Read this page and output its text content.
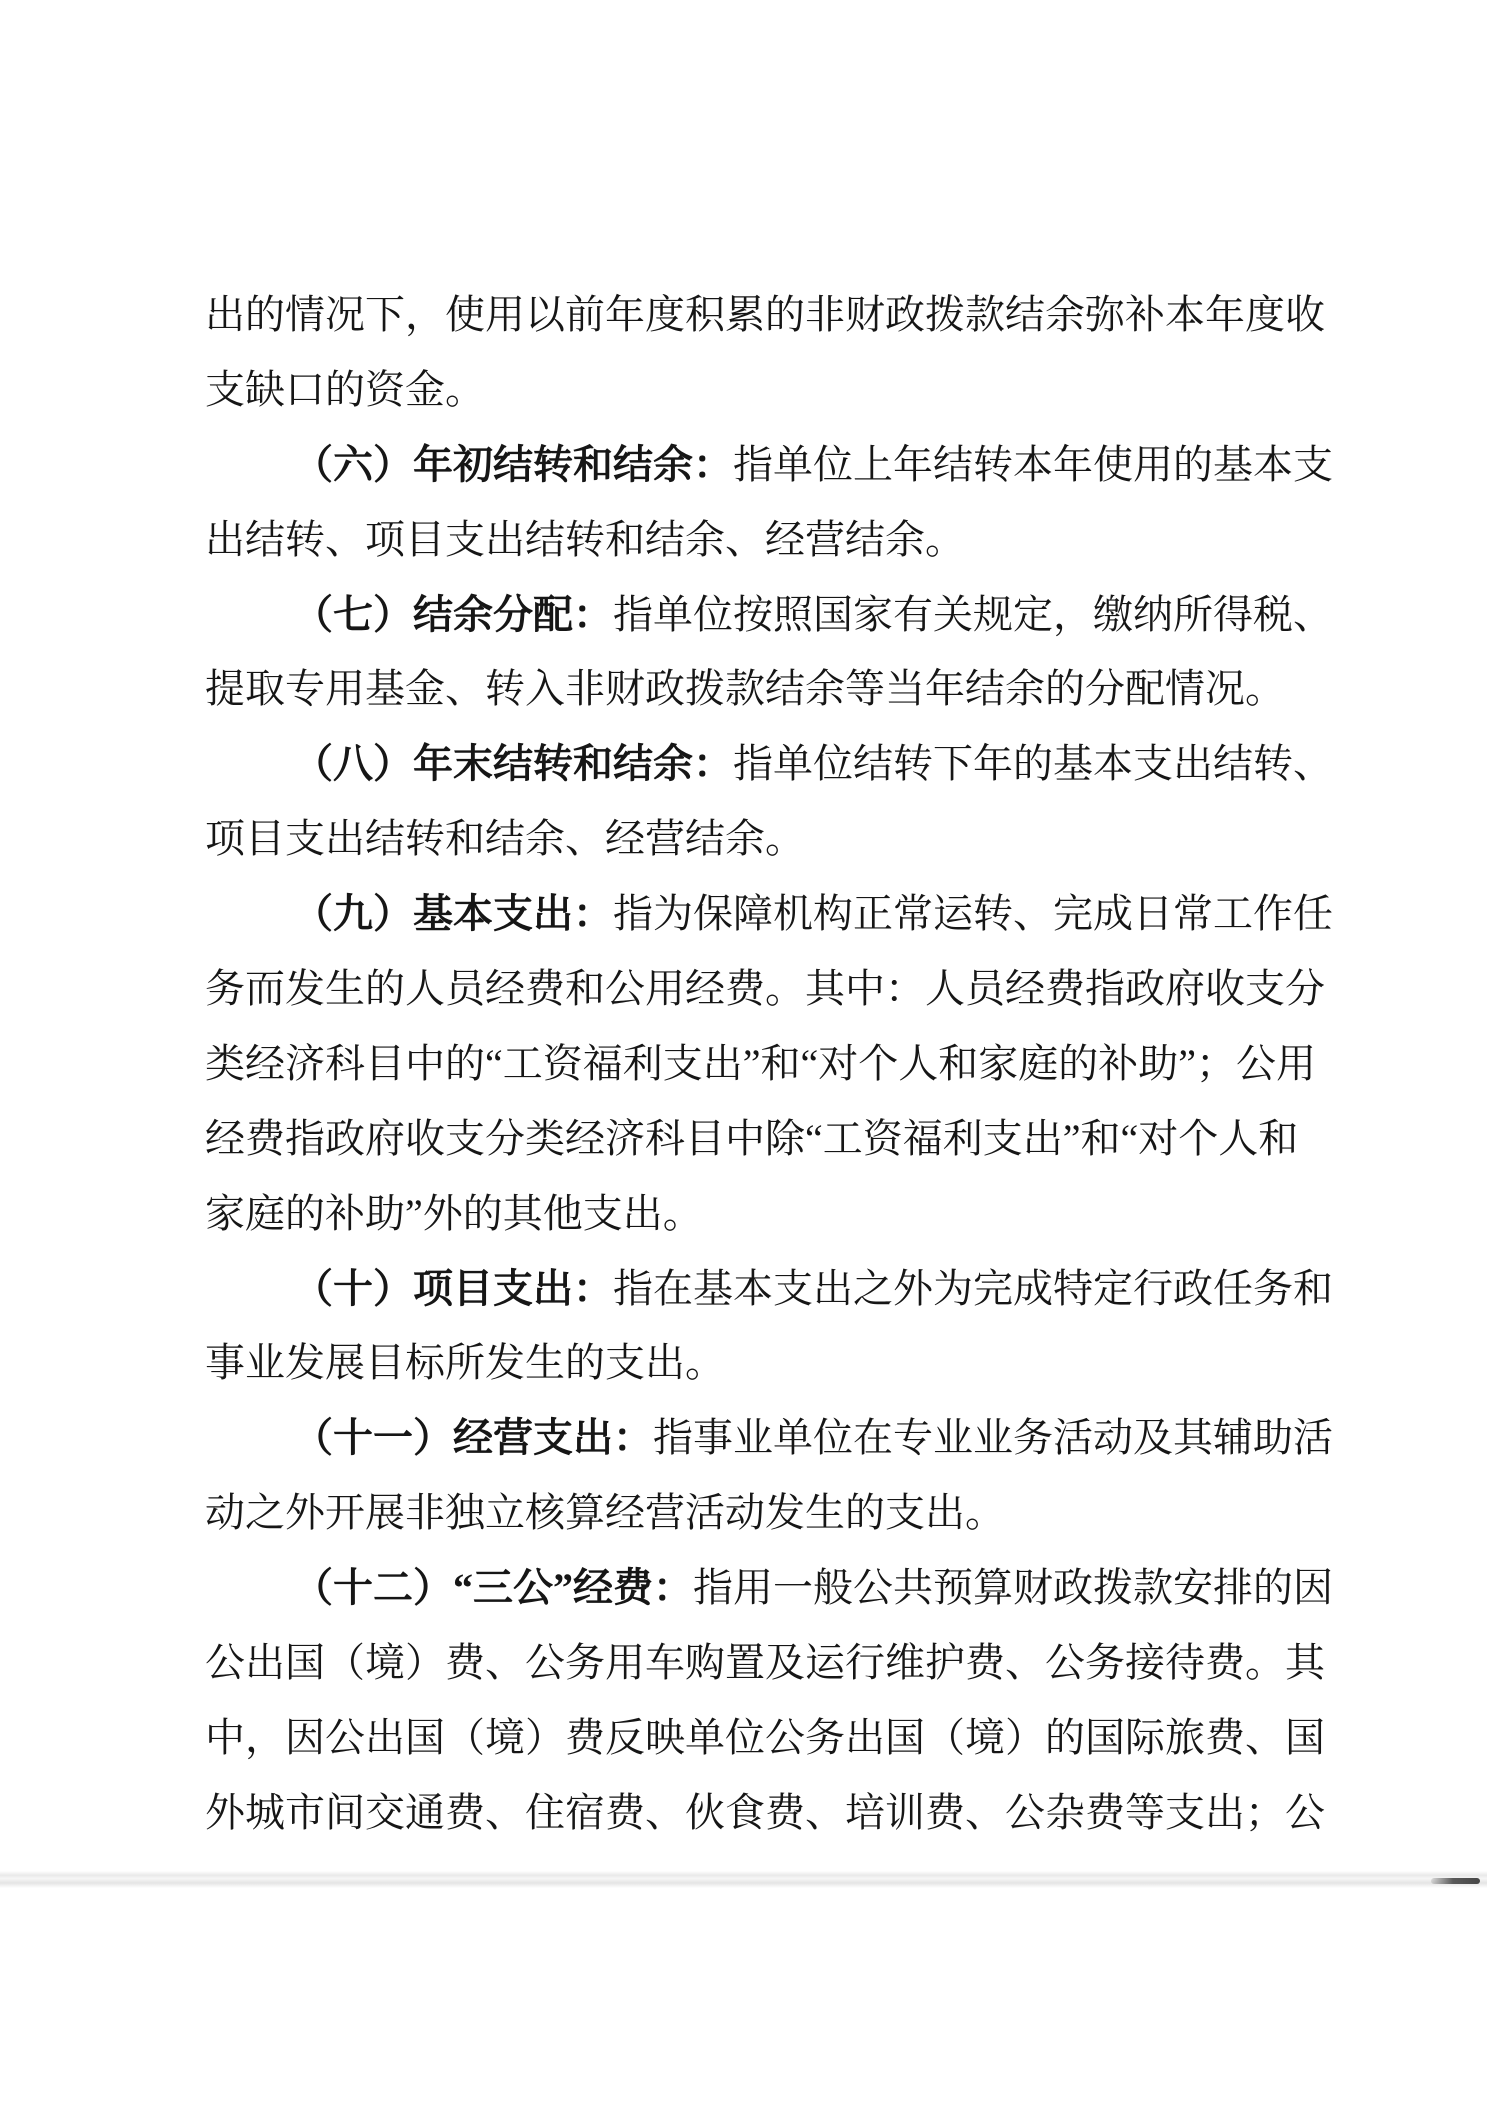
出的情况下，使用以前年度积累的非财政拨款结余弥补本年度收
支缺口的资金。
（六）年初结转和结余：指单位上年结转本年使用的基本支
出结转、项目支出结转和结余、经营结余。
（七）结余分配：指单位按照国家有关规定，缴纳所得税、
提取专用基金、转入非财政拨款结余等当年结余的分配情况。
（八）年末结转和结余：指单位结转下年的基本支出结转、
项目支出结转和结余、经营结余。
（九）基本支出：指为保障机构正常运转、完成日常工作任
务而发生的人员经费和公用经费。其中：人员经费指政府收支分
类经济科目中的“工资福利支出”和“对个人和家庭的补助”；公用
经费指政府收支分类经济科目中除“工资福利支出”和“对个人和
家庭的补助”外的其他支出。
（十）项目支出：指在基本支出之外为完成特定行政任务和
事业发展目标所发生的支出。
（十一）经营支出：指事业单位在专业业务活动及其辅助活
动之外开展非独立核算经营活动发生的支出。
（十二）“三公”经费：指用一般公共预算财政拨款安排的因
公出国（境）费、公务用车购置及运行维护费、公务接待费。其
中，因公出国（境）费反映单位公务出国（境）的国际旅费、国
外城市间交通费、住宿费、伙食费、培训费、公杂费等支出；公
